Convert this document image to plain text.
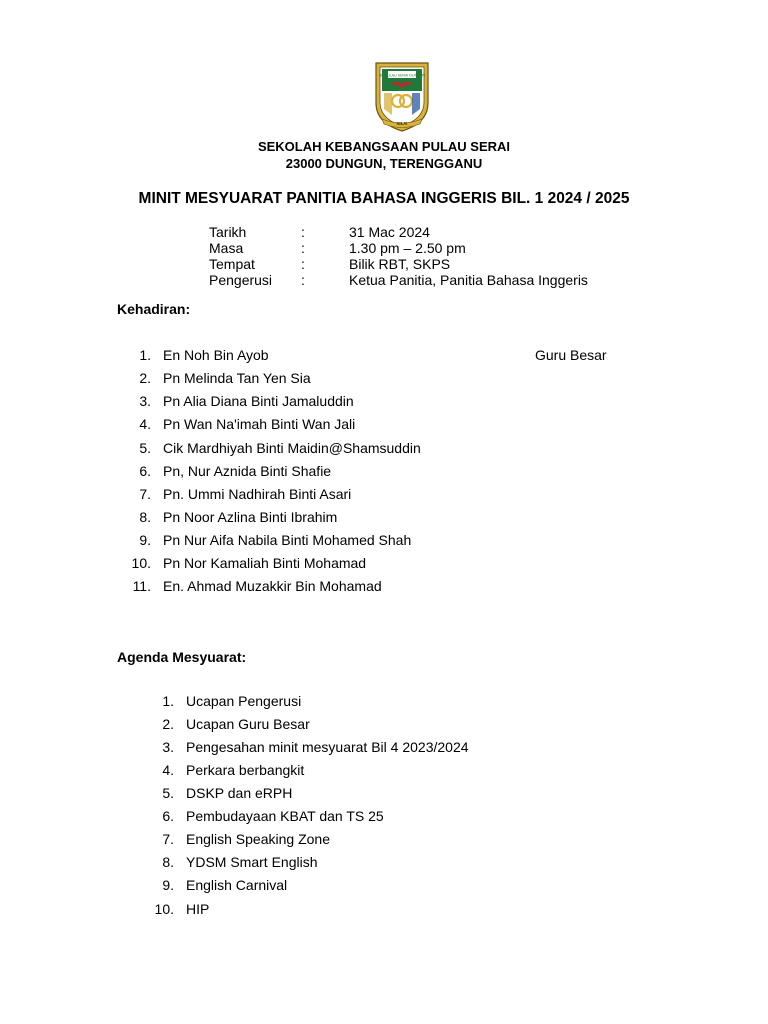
SK PULAU SERAI DUNGUN
NILAI
SEKOLAH KEBANGSAAN PULAU SERAI
23000 DUNGUN, TERENGGANU
MINIT MESYUARAT PANITIA BAHASA INGGERIS BIL. 1 2024 / 2025
Tarikh	:	31 Mac 2024
Masa	:	1.30 pm – 2.50 pm
Tempat	:	Bilik RBT, SKPS
Pengerusi	:	Ketua Panitia, Panitia Bahasa Inggeris
Kehadiran:
1. En Noh Bin Ayob	Guru Besar
2. Pn Melinda Tan Yen Sia
3. Pn Alia Diana Binti Jamaluddin
4. Pn Wan Na'imah Binti Wan Jali
5. Cik Mardhiyah Binti Maidin@Shamsuddin
6. Pn, Nur Aznida Binti Shafie
7. Pn. Ummi Nadhirah Binti Asari
8. Pn Noor Azlina Binti Ibrahim
9. Pn Nur Aifa Nabila Binti Mohamed Shah
10. Pn Nor Kamaliah Binti Mohamad
11. En. Ahmad Muzakkir Bin Mohamad
Agenda Mesyuarat:
1. Ucapan Pengerusi
2. Ucapan Guru Besar
3. Pengesahan minit mesyuarat Bil 4 2023/2024
4. Perkara berbangkit
5. DSKP dan eRPH
6. Pembudayaan KBAT dan TS 25
7. English Speaking Zone
8. YDSM Smart English
9. English Carnival
10. HIP
